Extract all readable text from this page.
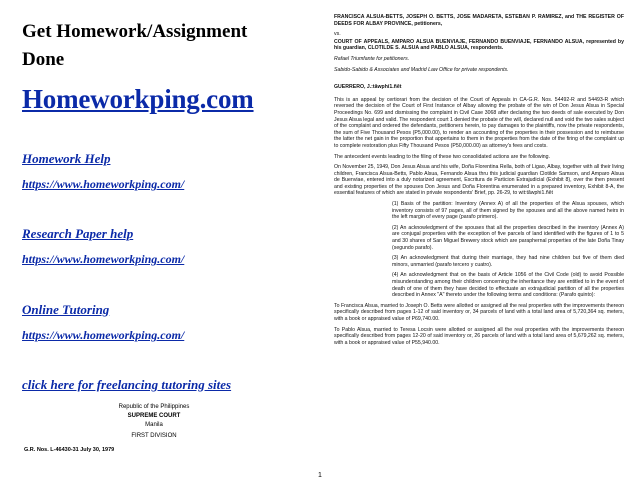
Get Homework/Assignment
Done
Homeworkping.com
Homework Help
https://www.homeworkping.com/
Research Paper help
https://www.homeworkping.com/
Online Tutoring
https://www.homeworkping.com/
click here for freelancing tutoring sites
Republic of the Philippines
SUPREME COURT
Manila
FIRST DIVISION
G.R. Nos. L-46430-31 July 30, 1979

FRANCISCA ALSUA-BETTS, JOSEPH O. BETTS, JOSE MADARETA, ESTEBAN P. RAMIREZ, and THE REGISTER OF DEEDS FOR ALBAY PROVINCE, petitioners,

vs.

COURT OF APPEALS, AMPARO ALSUA BUENVIAJE, FERNANDO BUENVIAJE, FERNANDO ALSUA, represented by his guardian, CLOTILDE S. ALSUA and PABLO ALSUA, respondents.

Rafael Triumfante for petitioners.

Sabido-Sabido & Associates and Madrid Law Office for private respondents.

GUERRERO, J.:tãwphi1.ñêt

This is an appeal by certiorari from the decision of the Court of Appeals in CA-G.R. Nos. 54492-R and 54493-R which reversed the decision of the Court of First Instance of Albay allowing the probate of the win of Don Jesus Alsua in Special Proceedings No. 699 and dismissing the complaint in Civil Case 3068 after declaring the two deeds of sale executed by Don Jesus Alsua legal and valid. The respondent court 1 denied the probate of the will, declared null and void the two sales subject of the complaint and ordered the defendants, petitioners herein, to pay damages to the plaintiffs, now the private respondents, the sum of Five Thousand Pesos (P5,000.00), to render an accounting of the properties in their possession and to reimburse the latter the net gain in the proportion that appertains to them in the properties from the date of the firing of the complaint up to complete restoration plus Fifty Thousand Pesos (P50,000.00) as attorney's fees and costs.

The antecedent events leading to the filing of these two consolidated actions are the following.

On November 25, 1949, Don Jesus Alsua and his wife, Doña Florentina Rella, both of Ligao, Albay, together with all their living children, Francisca Alsua-Betts, Pablo Alsua, Fernando Alsua thru this judicial guardian Clotilde Samson, and Amparo Alsua de Buenviae, entered into a duly notarized agreement, Escritura de Particion Extrajudicial (Exhibit 8), over the then present and existing properties of the spouses Don Jesus and Doña Florentina enumerated in a prepared inventory, Exhibit 8-A, the essential features of which are stated in private respondents' Brief, pp. 26-29, to wit:tãwphi1.ñêt

(1) Basis of the partition: Inventory (Annex A) of all the properties of the Alsua spouses, which inventory consists of 97 pages, all of them signed by the spouses and all the above named heirs in the left margin of every page (parafo primero).

(2) An acknowledgment of the spouses that all the properties described in the inventory (Annex A) are conjugal properties with the exception of five parcels of land identified with the figures of 1 to 5 and 30 shares of San Miguel Brewery stock which are paraphernal properties of the late Doña Tinay (segundo parafo).

(3) An acknowledgment that during their marriage, they had nine children but five of them died minors, unmarried (parafo tercero y cuatro).

(4) An acknowledgment that on the basis of Article 1056 of the Civil Code (old) to avoid Possible misunderstanding among their children concerning the inheritance they are entitled to in the event of death of one of them they have decided to effectuate an extrajudicial partition of all the properties described in Annex "A" thereto under the following terms and conditions: (Parafo quinto):

To Francisca Alsua, married to Joseph O. Betts were allotted or assigned all the real properties with the improvements thereon specifically described from pages 1-12 of said inventory or, 34 parcels of land with a total land area of 5,720,364 sq. meters, with a book or appraised value of P69,740.00.

To Pablo Alsua, married to Teresa Locsin were allotted or assigned all the real properties with the improvements thereon specifically described from pages 12-20 of said inventory or, 26 parcels of land with a total land area of 5,679,262 sq. meters, with a book or appraised value of P55,940.00.

1
